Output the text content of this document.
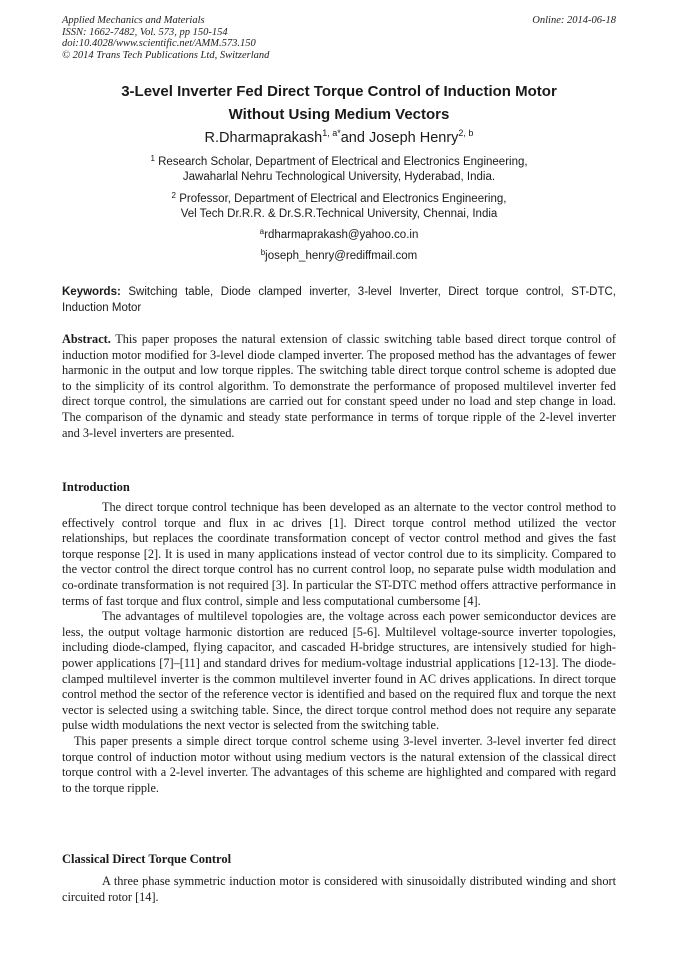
Applied Mechanics and Materials
ISSN: 1662-7482, Vol. 573, pp 150-154
doi:10.4028/www.scientific.net/AMM.573.150
© 2014 Trans Tech Publications Ltd, Switzerland
Online: 2014-06-18
3-Level Inverter Fed Direct Torque Control of Induction Motor
Without Using Medium Vectors
R.Dharmaprakash$^{1, a*}$and Joseph Henry$^{2, b}$
$^1$ Research Scholar, Department of Electrical and Electronics Engineering,
Jawaharlal Nehru Technological University, Hyderabad, India.
$^2$ Professor, Department of Electrical and Electronics Engineering,
Vel Tech Dr.R.R. & Dr.S.R.Technical University, Chennai, India
$^a$rdharmaprakash@yahoo.co.in
$^b$joseph_henry@rediffmail.com
Keywords: Switching table, Diode clamped inverter, 3-level Inverter, Direct torque control, ST-DTC, Induction Motor

Abstract. This paper proposes the natural extension of classic switching table based direct torque control of induction motor modified for 3-level diode clamped inverter. The proposed method has the advantages of fewer harmonic in the output and low torque ripples. The switching table direct torque control scheme is adopted due to the simplicity of its control algorithm. To demonstrate the performance of proposed multilevel inverter fed direct torque control, the simulations are carried out for constant speed under no load and step change in load. The comparison of the dynamic and steady state performance in terms of torque ripple of the 2-level inverter and 3-level inverters are presented.

Introduction

The direct torque control technique has been developed as an alternate to the vector control method to effectively control torque and flux in ac drives [1]. Direct torque control method utilized the vector relationships, but replaces the coordinate transformation concept of vector control method and gives the fast torque response [2]. It is used in many applications instead of vector control due to its simplicity. Compared to the vector control the direct torque control has no current control loop, no separate pulse width modulation and co-ordinate transformation is not required [3]. In particular the ST-DTC method offers attractive performance in terms of fast torque and flux control, simple and less computational cumbersome [4].

The advantages of multilevel topologies are, the voltage across each power semiconductor devices are less, the output voltage harmonic distortion are reduced [5-6]. Multilevel voltage-source inverter topologies, including diode-clamped, flying capacitor, and cascaded H-bridge structures, are intensively studied for high-power applications [7]–[11] and standard drives for medium-voltage industrial applications [12-13]. The diode-clamped multilevel inverter is the common multilevel inverter found in AC drives applications. In direct torque control method the sector of the reference vector is identified and based on the required flux and torque the next vector is selected using a switching table. Since, the direct torque control method does not require any separate pulse width modulations the next vector is selected from the switching table.

This paper presents a simple direct torque control scheme using 3-level inverter. 3-level inverter fed direct torque control of induction motor without using medium vectors is the natural extension of the classical direct torque control with a 2-level inverter. The advantages of this scheme are highlighted and compared with regard to the torque ripple.

Classical Direct Torque Control

A three phase symmetric induction motor is considered with sinusoidally distributed winding and short circuited rotor [14].
